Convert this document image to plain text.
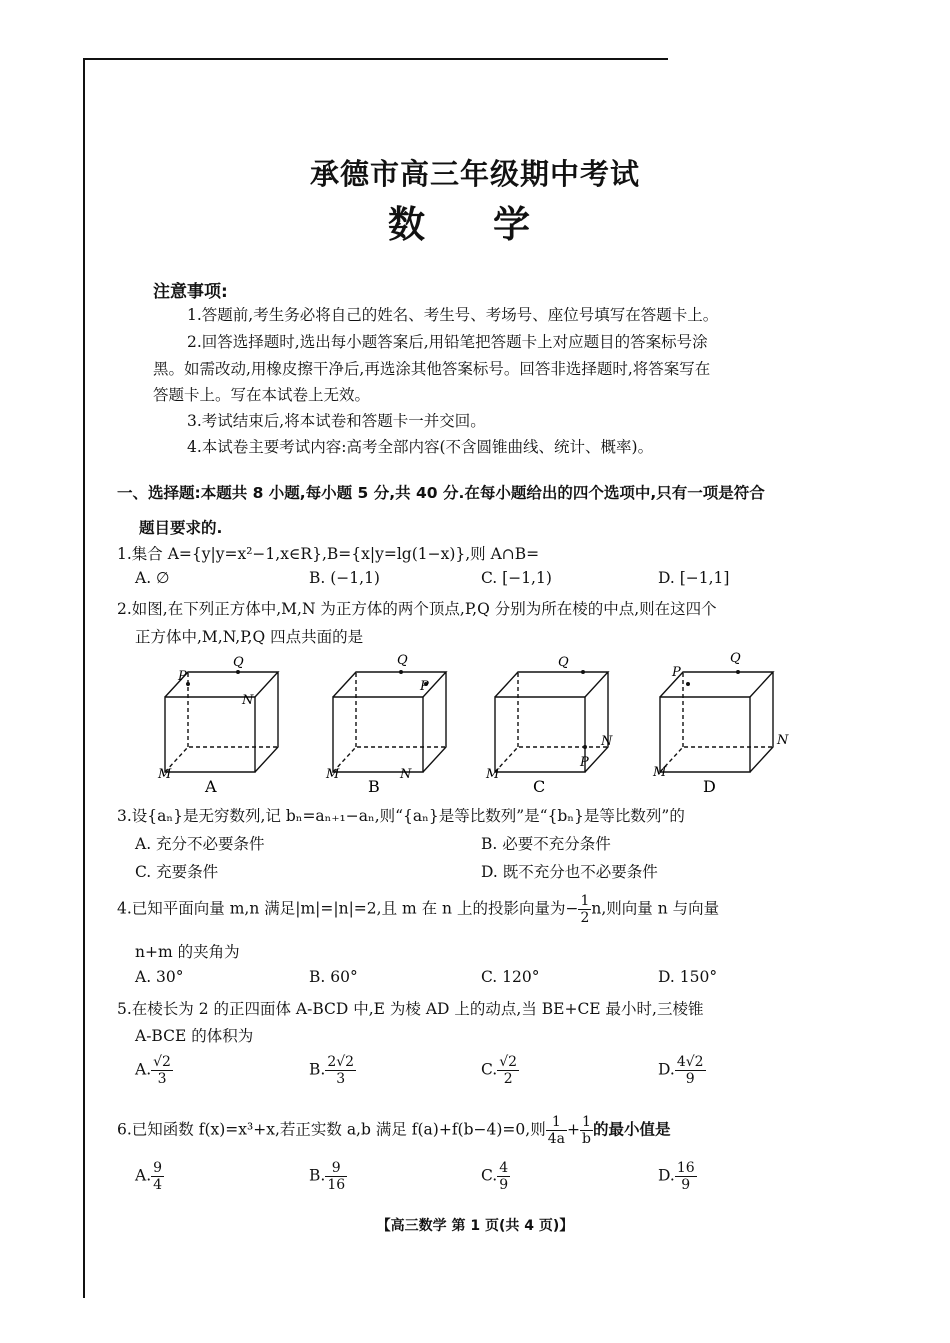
承德市高三年级期中考试
数学
注意事项:
1.答题前,考生务必将自己的姓名、考生号、考场号、座位号填写在答题卡上。
2.回答选择题时,选出每小题答案后,用铅笔把答题卡上对应题目的答案标号涂
黑。如需改动,用橡皮擦干净后,再选涂其他答案标号。回答非选择题时,将答案写在
答题卡上。写在本试卷上无效。
3.考试结束后,将本试卷和答题卡一并交回。
4.本试卷主要考试内容:高考全部内容(不含圆锥曲线、统计、概率)。
一、选择题:本题共 8 小题,每小题 5 分,共 40 分.在每小题给出的四个选项中,只有一项是符合
题目要求的.
1.集合 A={y|y=x²−1,x∈R},B={x|y=lg(1−x)},则 A∩B=
A. ∅	B. (−1,1)	C. [−1,1)	D. [−1,1]
2.如图,在下列正方体中,M,N 为正方体的两个顶点,P,Q 分别为所在棱的中点,则在这四个
正方体中,M,N,P,Q 四点共面的是
P
Q
N
M
Q
P
M	N
Q
N
P
M
P
Q
N
M
A	B	C	D
3.设{aₙ}是无穷数列,记 bₙ=aₙ₊₁−aₙ,则“{aₙ}是等比数列”是“{bₙ}是等比数列”的
A. 充分不必要条件	B. 必要不充分条件
C. 充要条件	D. 既不充分也不必要条件
4.已知平面向量 m,n 满足|m|=|n|=2,且 m 在 n 上的投影向量为− $\frac{1}{2} n$,则向量 n 与向量
n+m 的夹角为
A. 30°	B. 60°	C. 120°	D. 150°
5.在棱长为 2 的正四面体 A-BCD 中,E 为棱 AD 上的动点,当 BE+CE 最小时,三棱锥
A-BCE 的体积为
A. $\frac{√2}{3}$	B. $\frac{2√2}{3}$	C. $\frac{√2}{2}$	D. $\frac{4√2}{9}$
6.已知函数 f(x)=x³+x,若正实数 a,b 满足 f(a)+f(b−4)=0,则 $\frac{1}{4a} + \frac{1}{b}$ 的最小值是
A. $\frac{9}{4}$	B. $\frac{9}{16}$	C. $\frac{4}{9}$	D. $\frac{16}{9}$
【高三数学 第 1 页(共 4 页)】
